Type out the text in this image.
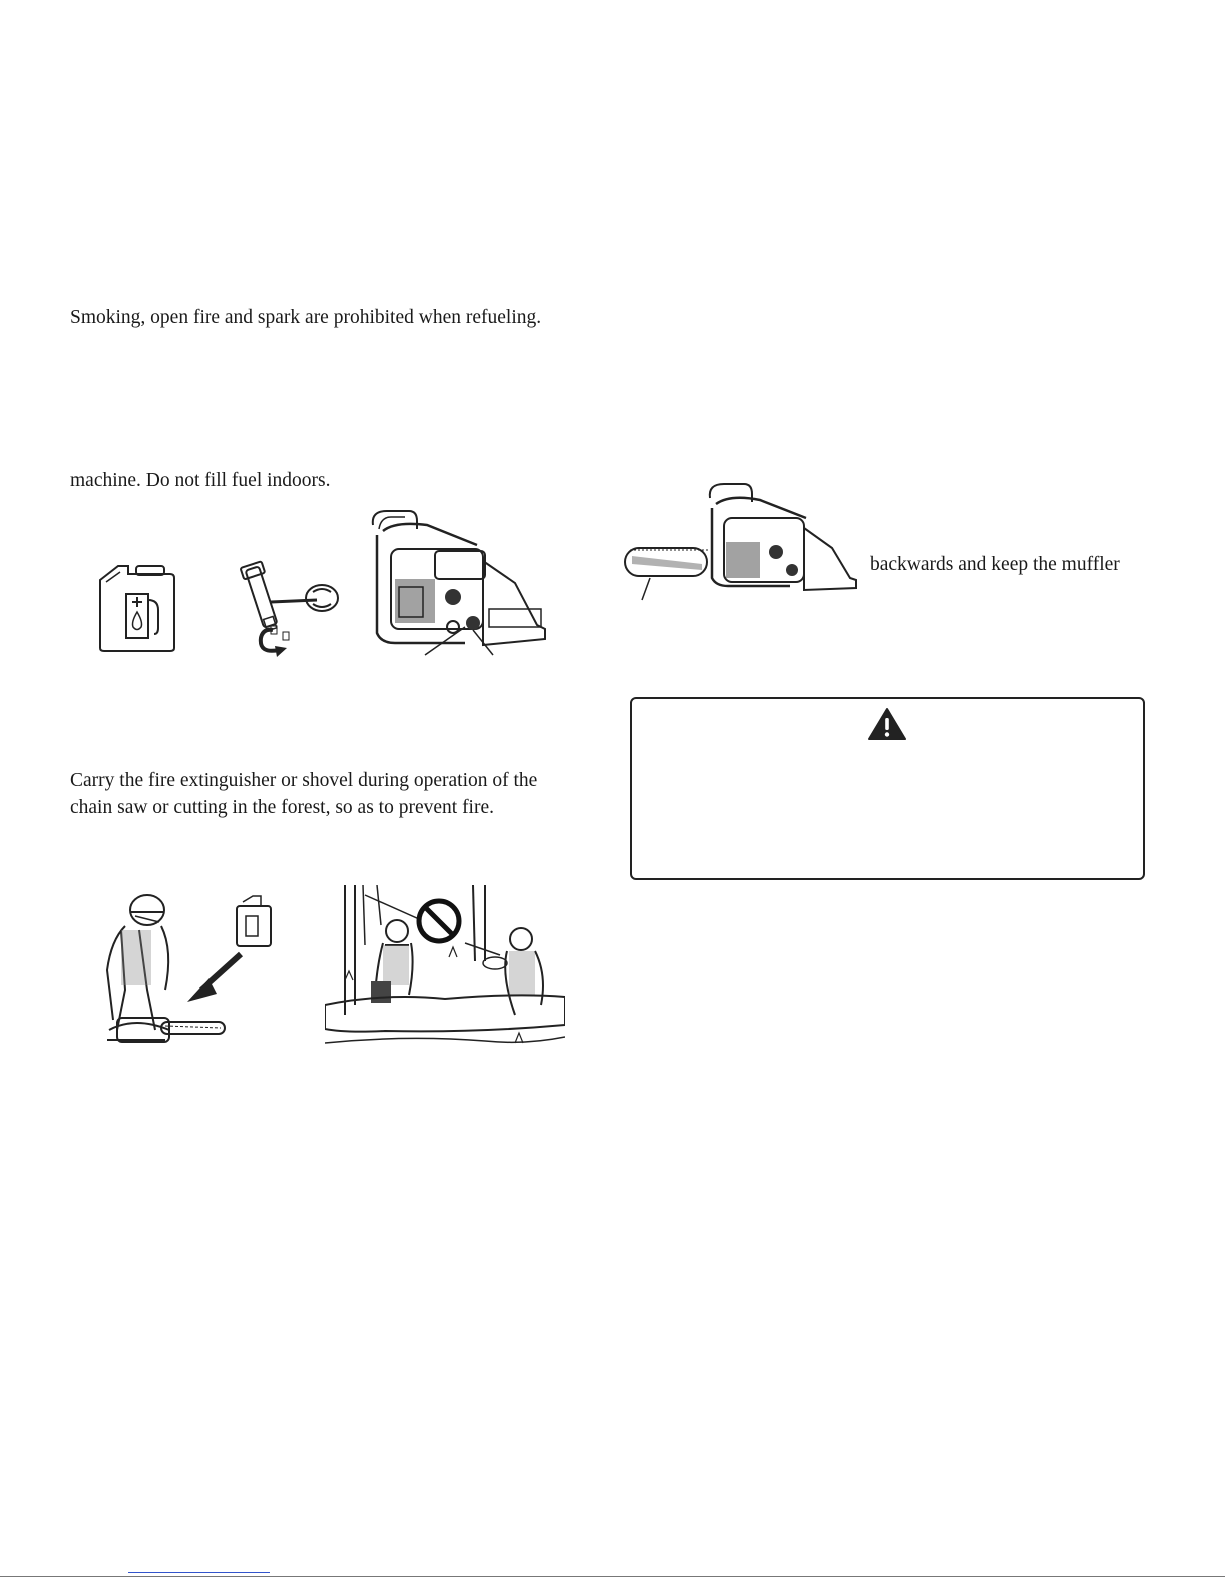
Smoking, open fire and spark are prohibited when refueling.

machine. Do not fill fuel indoors.

backwards and keep the muffler

Carry the fire extinguisher or shovel during operation of the

chain saw or cutting in the forest, so as to prevent fire.
